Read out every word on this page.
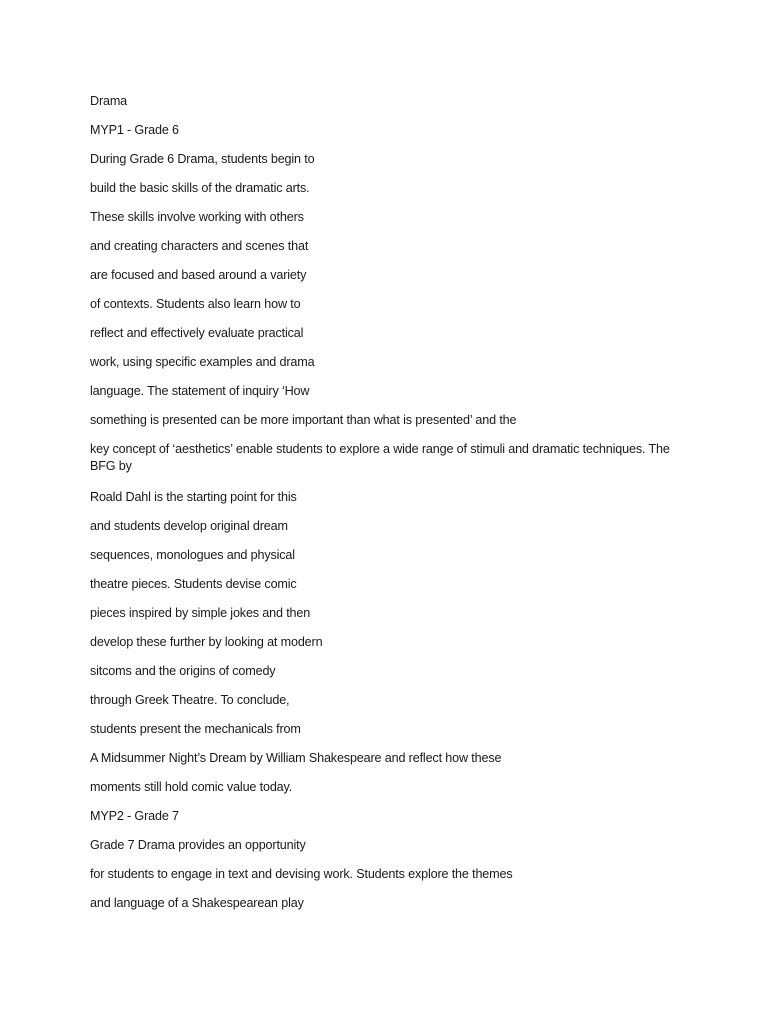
Drama

MYP1 - Grade 6

During Grade 6 Drama, students begin to

build the basic skills of the dramatic arts.

These skills involve working with others

and creating characters and scenes that

are focused and based around a variety

of contexts. Students also learn how to

reflect and effectively evaluate practical

work, using specific examples and drama

language. The statement of inquiry ‘How

something is presented can be more important than what is presented’ and the

key concept of ‘aesthetics’ enable students to explore a wide range of stimuli and dramatic techniques. The BFG by

Roald Dahl is the starting point for this

and students develop original dream

sequences, monologues and physical

theatre pieces. Students devise comic

pieces inspired by simple jokes and then

develop these further by looking at modern

sitcoms and the origins of comedy

through Greek Theatre. To conclude,

students present the mechanicals from

A Midsummer Night’s Dream by William Shakespeare and reflect how these

moments still hold comic value today.

MYP2 - Grade 7

Grade 7 Drama provides an opportunity

for students to engage in text and devising work. Students explore the themes

and language of a Shakespearean play
